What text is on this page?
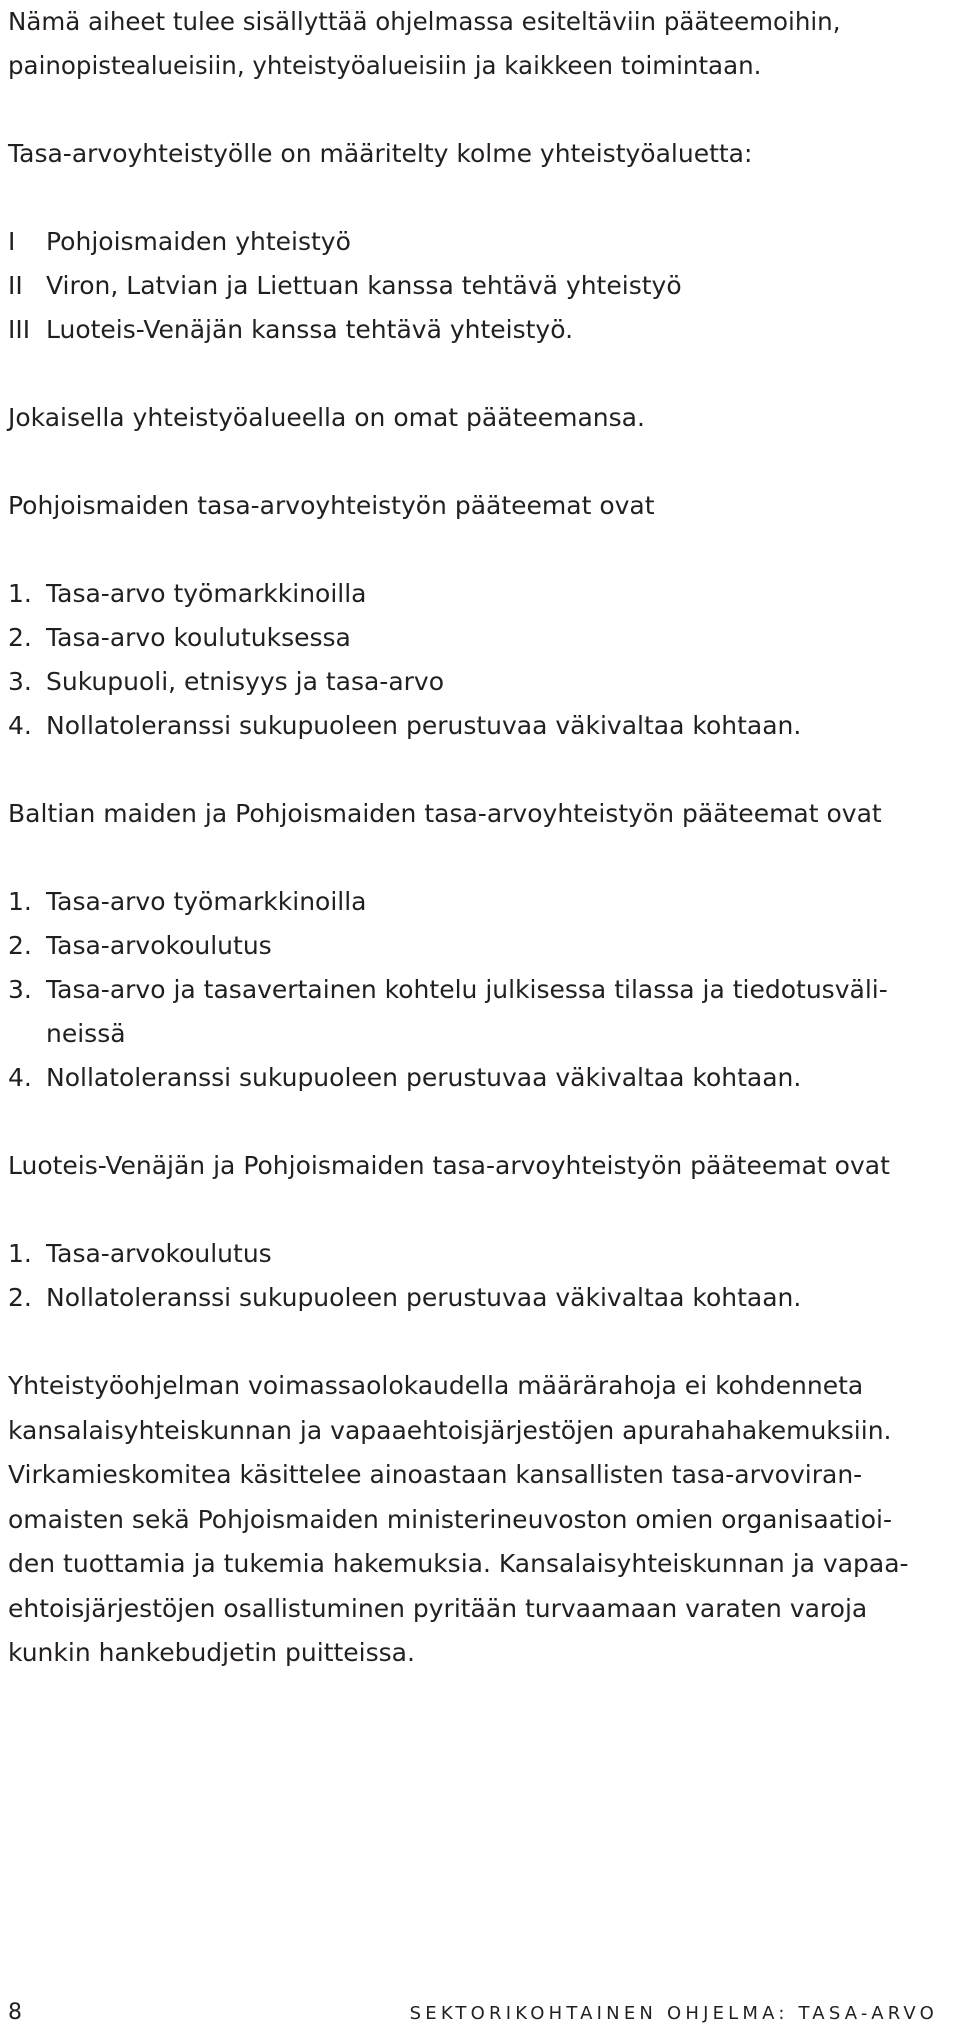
Nämä aiheet tulee sisällyttää ohjelmassa esiteltäviin pääteemoihin,

painopistealueisiin, yhteistyöalueisiin ja kaikkeen toimintaan.

Tasa-arvoyhteistyölle on määritelty kolme yhteistyöaluetta:

I	Pohjoismaiden yhteistyö
II Viron, Latvian ja Liettuan kanssa tehtävä yhteistyö
III Luoteis-Venäjän kanssa tehtävä yhteistyö.

Jokaisella yhteistyöalueella on omat pääteemansa.

Pohjoismaiden tasa-arvoyhteistyön pääteemat ovat

1. Tasa-arvo työmarkkinoilla
2. Tasa-arvo koulutuksessa
3. Sukupuoli, etnisyys ja tasa-arvo
4. Nollatoleranssi sukupuoleen perustuvaa väkivaltaa kohtaan.

Baltian maiden ja Pohjoismaiden tasa-arvoyhteistyön pääteemat ovat

1. Tasa-arvo työmarkkinoilla
2. Tasa-arvokoulutus
3. Tasa-arvo ja tasavertainen kohtelu julkisessa tilassa ja tiedotusväli-
neissä
4. Nollatoleranssi sukupuoleen perustuvaa väkivaltaa kohtaan.

Luoteis-Venäjän ja Pohjoismaiden tasa-arvoyhteistyön pääteemat ovat

1. Tasa-arvokoulutus
2. Nollatoleranssi sukupuoleen perustuvaa väkivaltaa kohtaan.

Yhteistyöohjelman voimassaolokaudella määrärahoja ei kohdenneta

kansalaisyhteiskunnan ja vapaaehtoisjärjestöjen apurahahakemuksiin.

Virkamieskomitea käsittelee ainoastaan kansallisten tasa-arvoviran-

omaisten sekä Pohjoismaiden ministerineuvoston omien organisaatioi-

den tuottamia ja tukemia hakemuksia. Kansalaisyhteiskunnan ja vapaa-

ehtoisjärjestöjen osallistuminen pyritään turvaamaan varaten varoja

kunkin hankebudjetin puitteissa.

8	SEKTORIKOHTAINEN OHJELMA: TASA-ARVO
